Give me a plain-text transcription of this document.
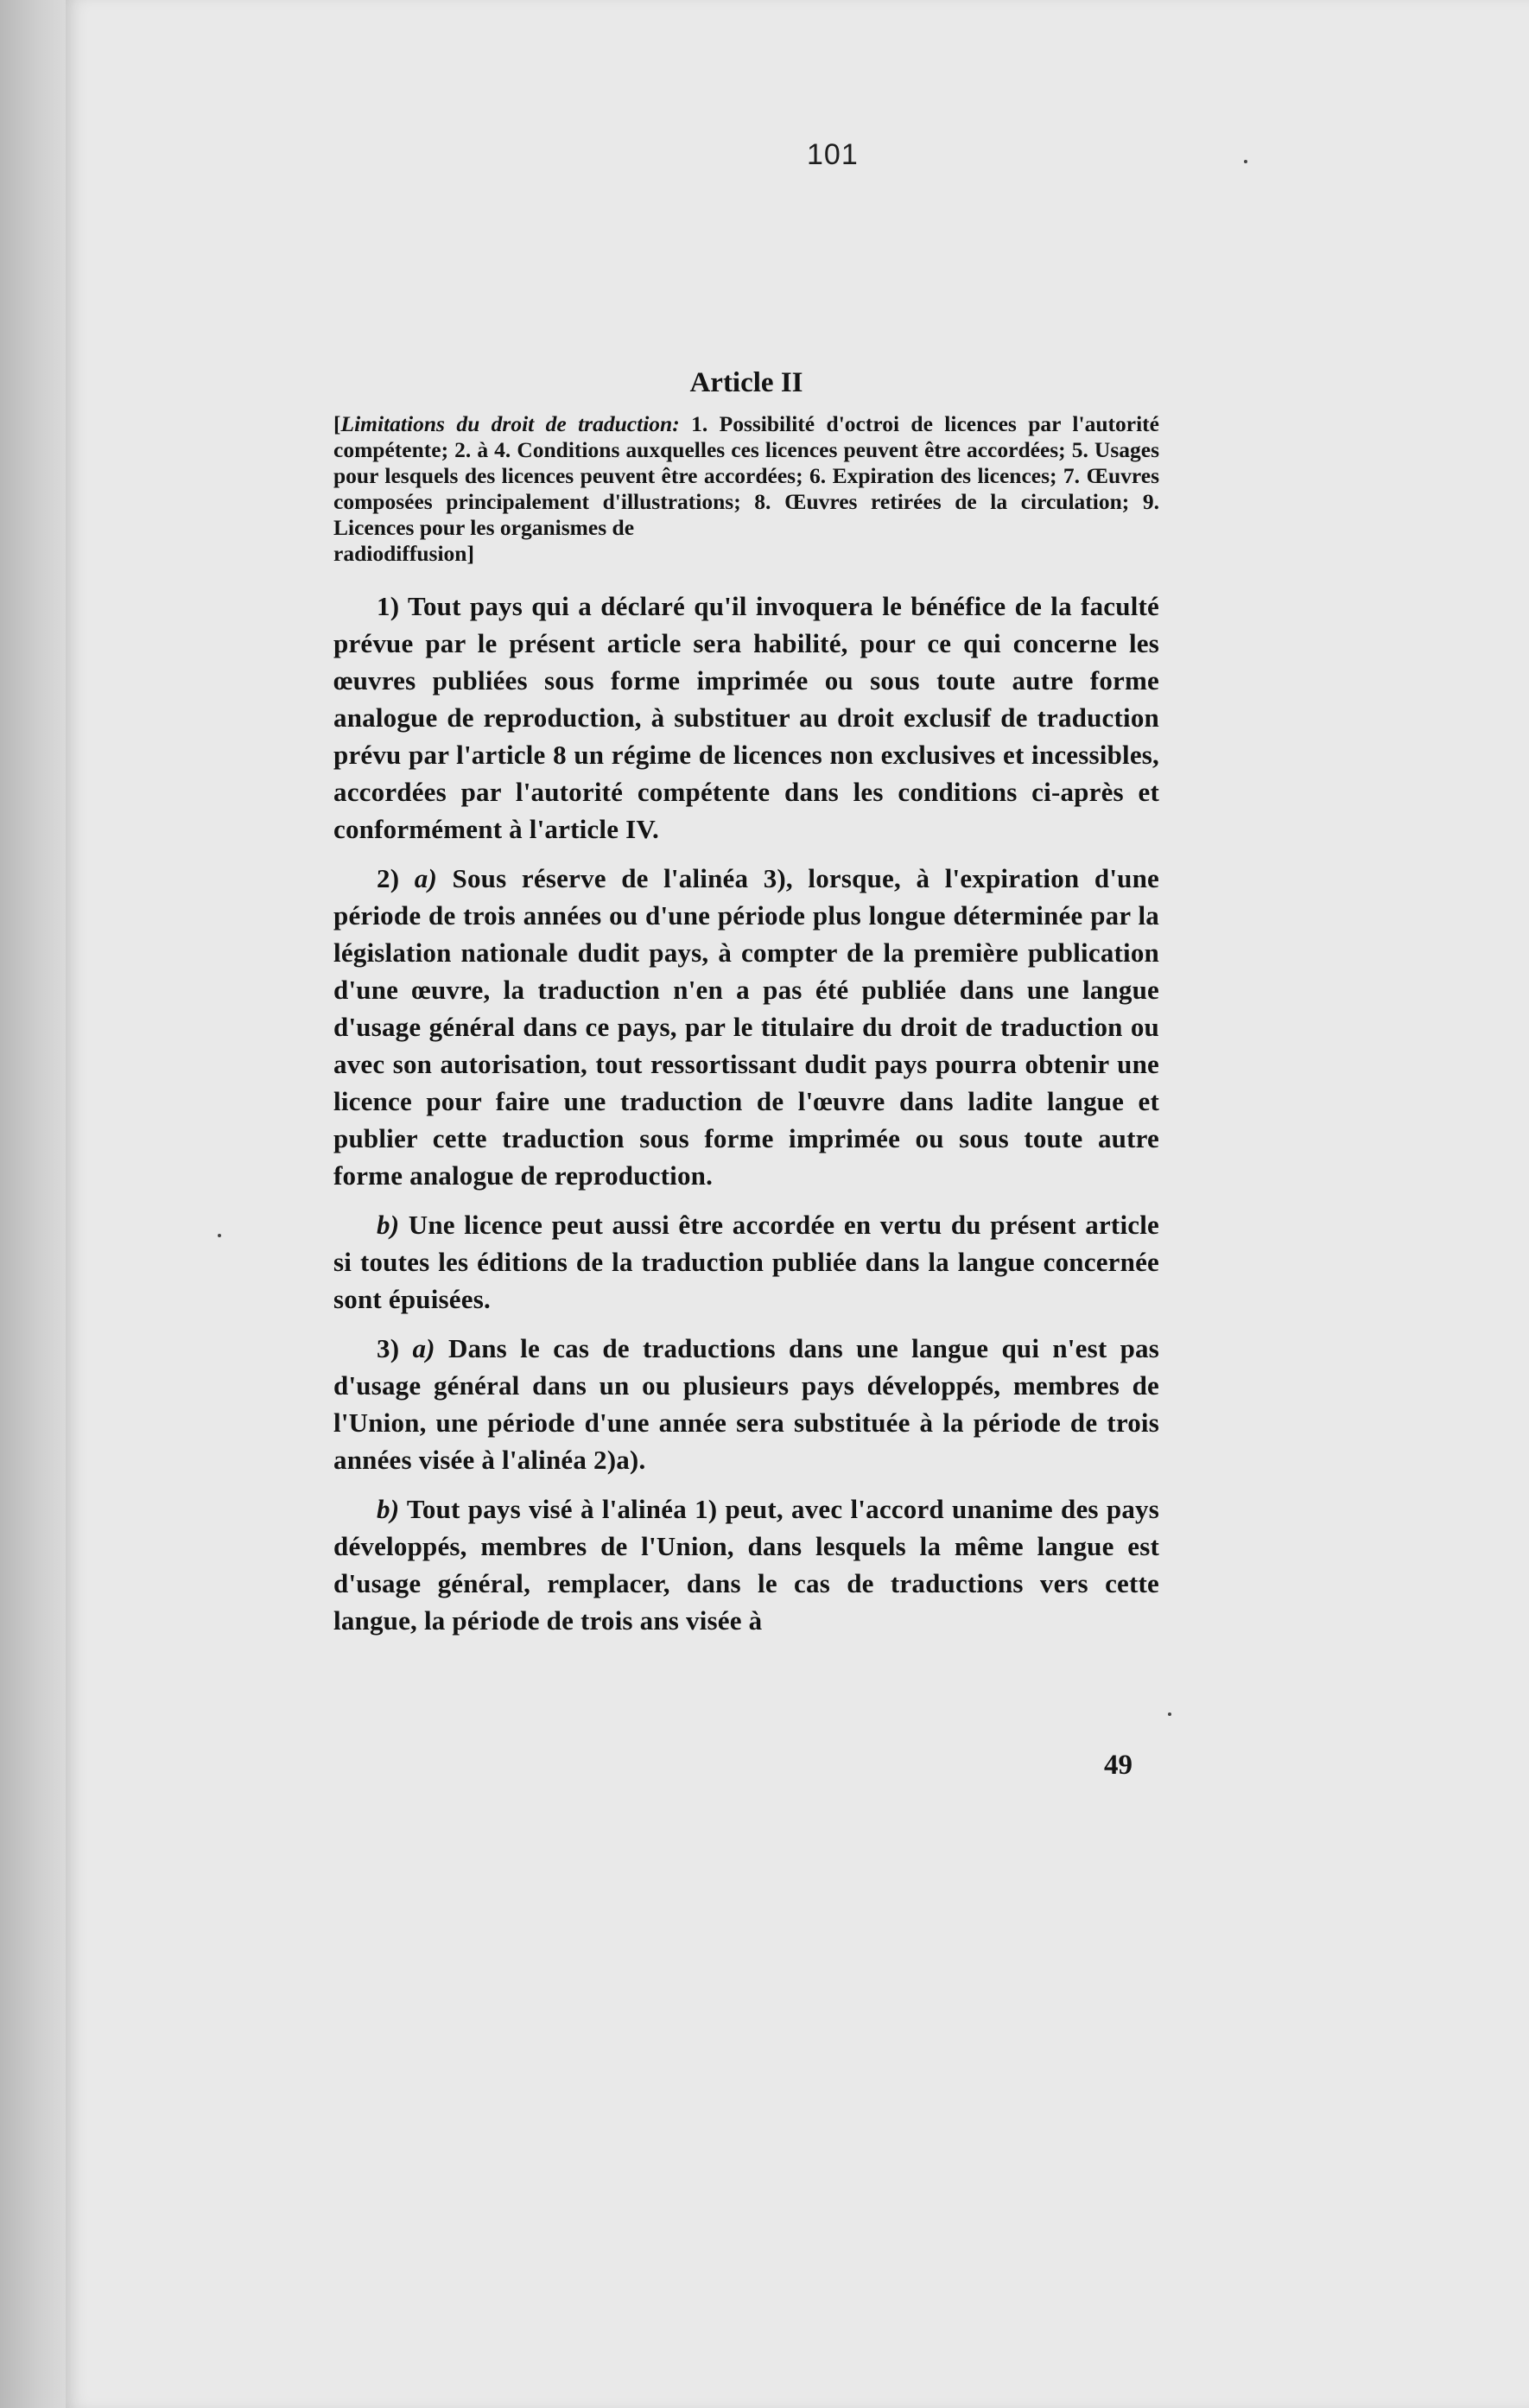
101
Article II
[Limitations du droit de traduction: 1. Possibilité d'octroi de licences par l'autorité compétente; 2. à 4. Conditions auxquelles ces licences peuvent être accordées; 5. Usages pour lesquels des licences peuvent être accordées; 6. Expiration des licences; 7. Œuvres composées principalement d'illustrations; 8. Œuvres retirées de la circulation; 9. Licences pour les organismes de
radiodiffusion]

1) Tout pays qui a déclaré qu'il invoquera le bénéfice de la faculté prévue par le présent article sera habilité, pour ce qui concerne les œuvres publiées sous forme imprimée ou sous toute autre forme analogue de reproduction, à substituer au droit exclusif de traduction prévu par l'article 8 un régime de licences non exclusives et incessibles, accordées par l'autorité compétente dans les conditions ci-après et conformément à l'article IV.

2) a) Sous réserve de l'alinéa 3), lorsque, à l'expiration d'une période de trois années ou d'une période plus longue déterminée par la législation nationale dudit pays, à compter de la première publication d'une œuvre, la traduction n'en a pas été publiée dans une langue d'usage général dans ce pays, par le titulaire du droit de traduction ou avec son autorisation, tout ressortissant dudit pays pourra obtenir une licence pour faire une traduction de l'œuvre dans ladite langue et publier cette traduction sous forme imprimée ou sous toute autre forme analogue de reproduction.

b) Une licence peut aussi être accordée en vertu du présent article si toutes les éditions de la traduction publiée dans la langue concernée sont épuisées.

3) a) Dans le cas de traductions dans une langue qui n'est pas d'usage général dans un ou plusieurs pays développés, membres de l'Union, une période d'une année sera substituée à la période de trois années visée à l'alinéa 2)a).

b) Tout pays visé à l'alinéa 1) peut, avec l'accord unanime des pays développés, membres de l'Union, dans lesquels la même langue est d'usage général, remplacer, dans le cas de traductions vers cette langue, la période de trois ans visée à

49
